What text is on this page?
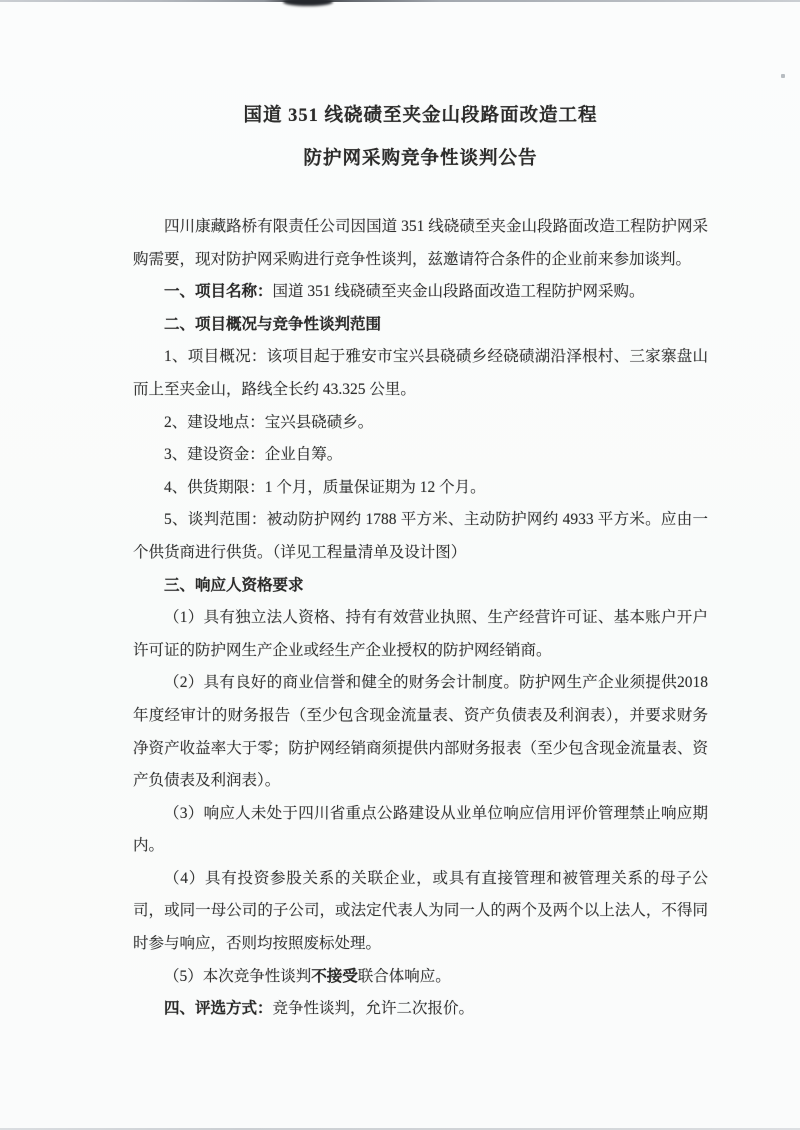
国道 351 线硗碛至夹金山段路面改造工程
防护网采购竞争性谈判公告

四川康藏路桥有限责任公司因国道 351 线硗碛至夹金山段路面改造工程防护网采购需要，现对防护网采购进行竞争性谈判，兹邀请符合条件的企业前来参加谈判。

一、项目名称：国道 351 线硗碛至夹金山段路面改造工程防护网采购。

二、项目概况与竞争性谈判范围

1、项目概况：该项目起于雅安市宝兴县硗碛乡经硗碛湖沿泽根村、三家寨盘山而上至夹金山，路线全长约 43.325 公里。

2、建设地点：宝兴县硗碛乡。

3、建设资金：企业自筹。

4、供货期限：1 个月，质量保证期为 12 个月。

5、谈判范围：被动防护网约 1788 平方米、主动防护网约 4933 平方米。应由一个供货商进行供货。（详见工程量清单及设计图）

三、响应人资格要求

（1）具有独立法人资格、持有有效营业执照、生产经营许可证、基本账户开户许可证的防护网生产企业或经生产企业授权的防护网经销商。

（2）具有良好的商业信誉和健全的财务会计制度。防护网生产企业须提供2018年度经审计的财务报告（至少包含现金流量表、资产负债表及利润表），并要求财务净资产收益率大于零；防护网经销商须提供内部财务报表（至少包含现金流量表、资产负债表及利润表）。

（3）响应人未处于四川省重点公路建设从业单位响应信用评价管理禁止响应期内。

（4）具有投资参股关系的关联企业，或具有直接管理和被管理关系的母子公司，或同一母公司的子公司，或法定代表人为同一人的两个及两个以上法人，不得同时参与响应，否则均按照废标处理。

（5）本次竞争性谈判不接受联合体响应。

四、评选方式：竞争性谈判，允许二次报价。
